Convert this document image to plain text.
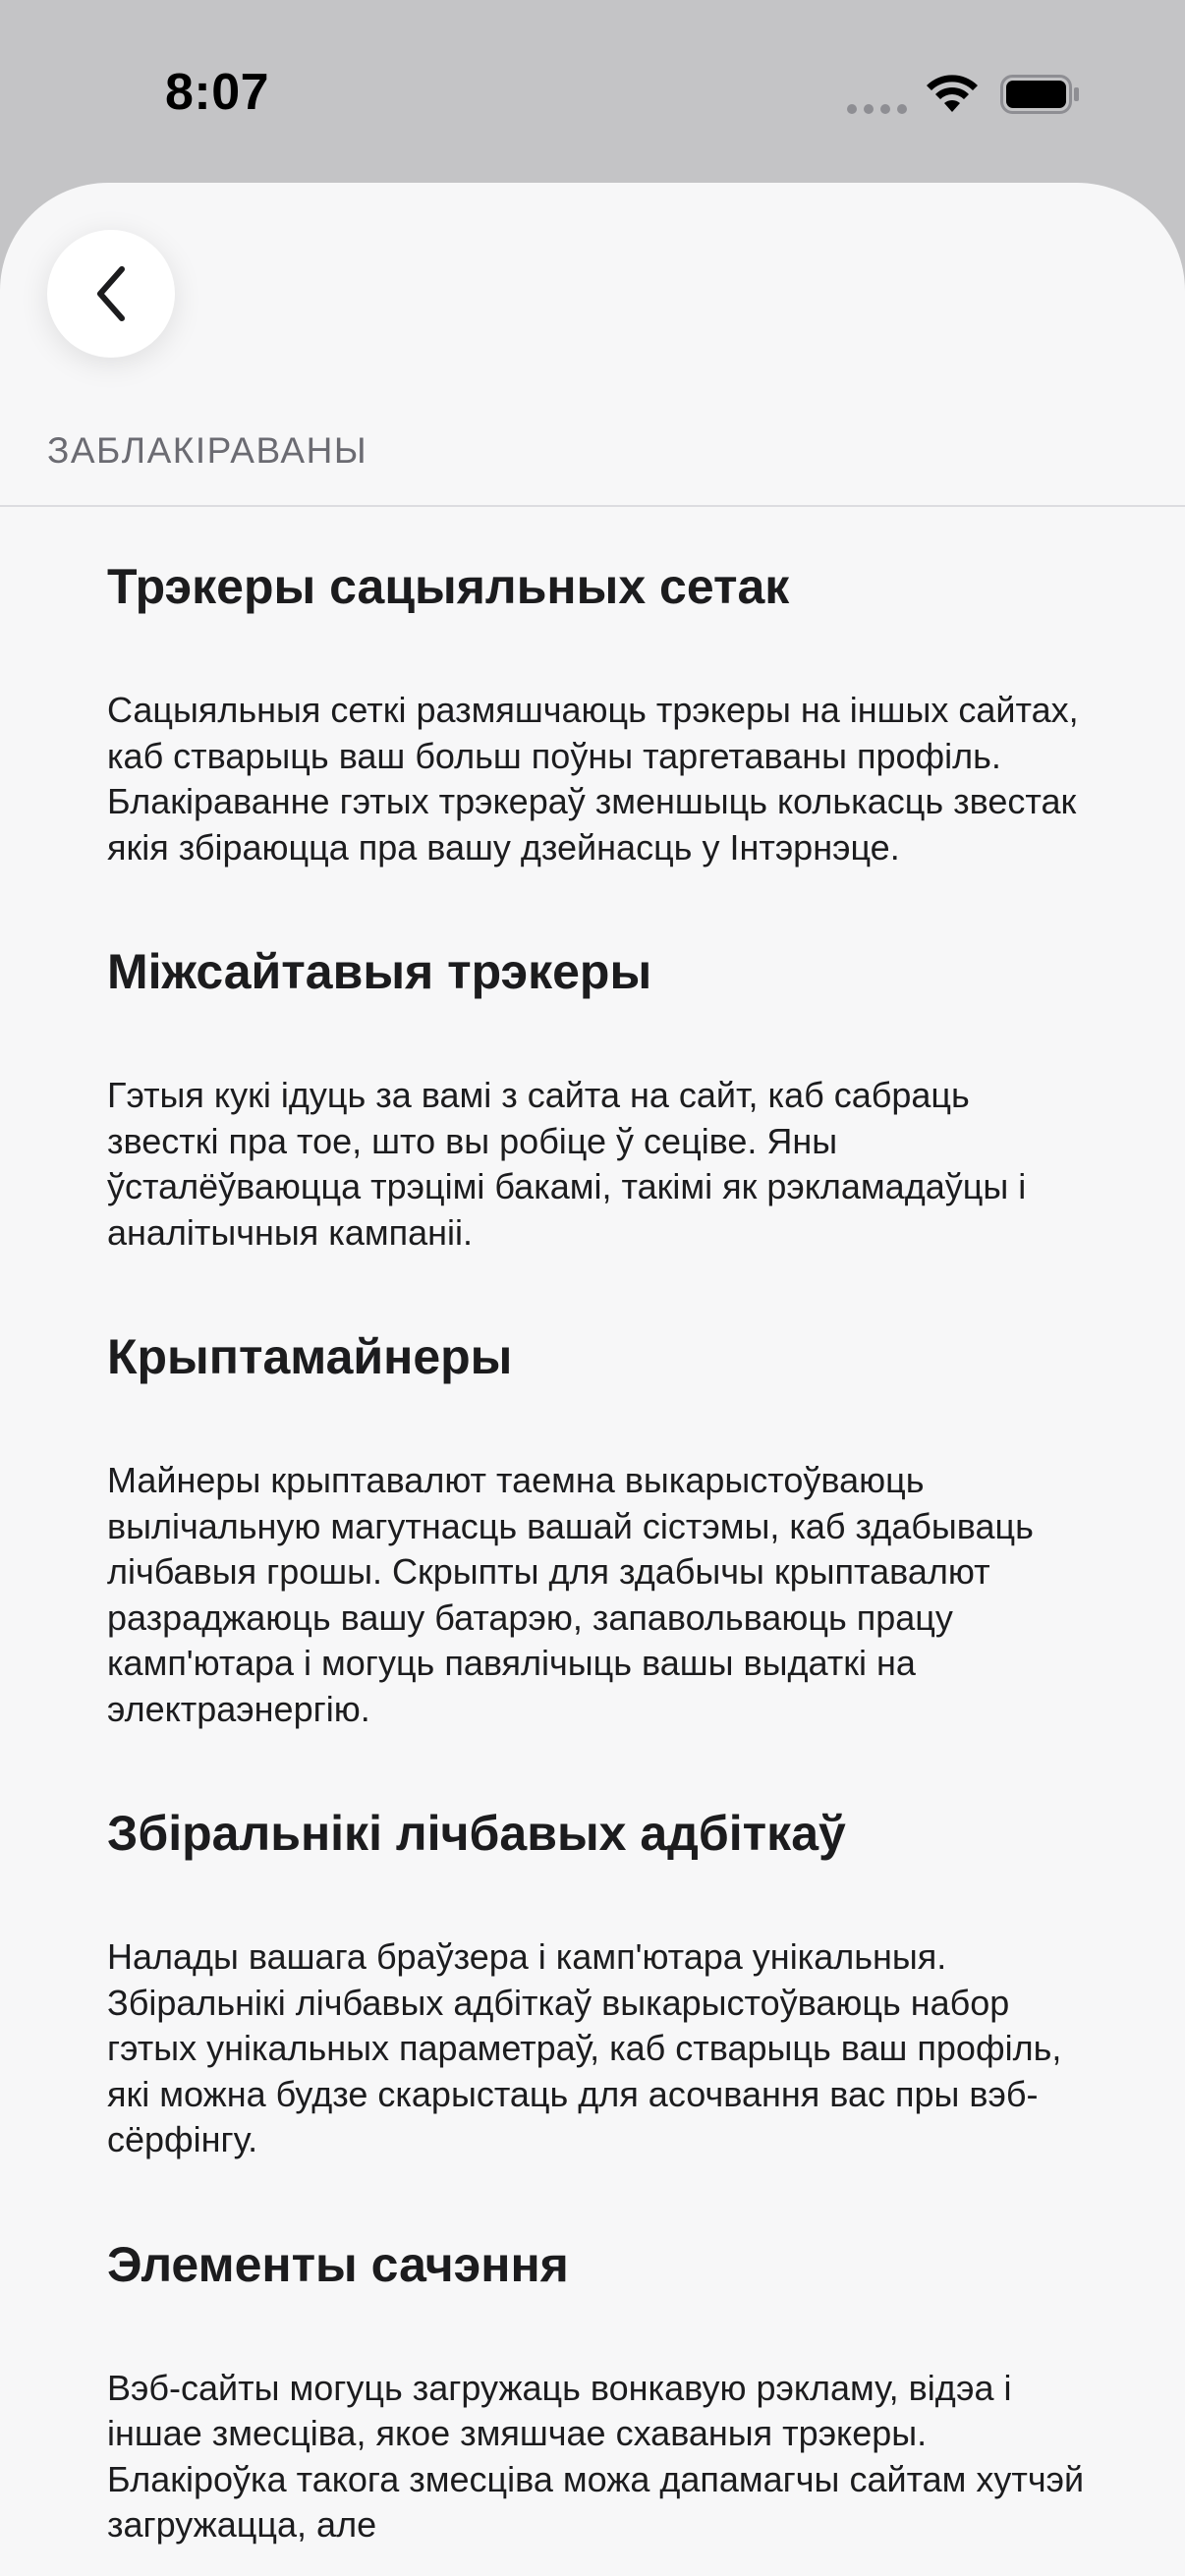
8:07
ЗАБЛАКІРАВАНЫ
Трэкеры сацыяльных сетак

Сацыяльныя сеткі размяшчаюць трэкеры на іншых сайтах, каб стварыць ваш больш поўны таргетаваны профіль. Блакіраванне гэтых трэкераў зменшыць колькасць звестак якія збіраюцца пра вашу дзейнасць у Інтэрнэце.

Міжсайтавыя трэкеры

Гэтыя кукі ідуць за вамі з сайта на сайт, каб сабраць звесткі пра тое, што вы робіце ў сеціве. Яны ўсталёўваюцца трэцімі бакамі, такімі як рэкламадаўцы і аналітычныя кампаніі.

Крыптамайнеры

Майнеры крыптавалют таемна выкарыстоўваюць вылічальную магутнасць вашай сістэмы, каб здабываць лічбавыя грошы. Скрыпты для здабычы крыптавалют разраджаюць вашу батарэю, запавольваюць працу камп'ютара і могуць павялічыць вашы выдаткі на электраэнергію.

Збіральнікі лічбавых адбіткаў

Налады вашага браўзера і камп'ютара унікальныя. Збіральнікі лічбавых адбіткаў выкарыстоўваюць набор гэтых унікальных параметраў, каб стварыць ваш профіль, які можна будзе скарыстаць для асочвання вас пры вэб-сёрфінгу.

Элементы сачэння

Вэб-сайты могуць загружаць вонкавую рэкламу, відэа і іншае змесціва, якое змяшчае схаваныя трэкеры. Блакіроўка такога змесціва можа дапамагчы сайтам хутчэй загружацца, але
